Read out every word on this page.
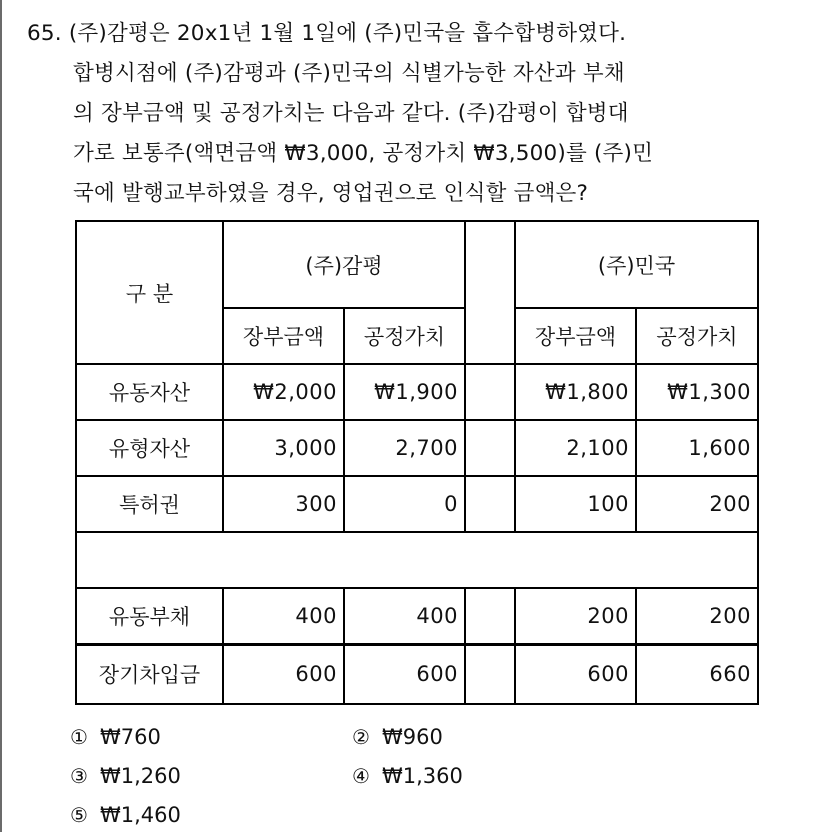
65. (주)감평은 20x1년 1월 1일에 (주)민국을 흡수합병하였다.
합병시점에 (주)감평과 (주)민국의 식별가능한 자산과 부채
의 장부금액 및 공정가치는 다음과 같다. (주)감평이 합병대
가로 보통주(액면금액 ₩3,000, 공정가치 ₩3,500)를 (주)민
국에 발행교부하였을 경우, 영업권으로 인식할 금액은?
구 분	(주)감평			(주)민국	
	장부금액	공정가치		장부금액	공정가치
유동자산	₩2,000	₩1,900		₩1,800	₩1,300
유형자산	3,000	2,700		2,100	1,600
특허권	300	0		100	200

유동부채	400	400		200	200
장기차입금	600	600		600	660
① ₩760	② ₩960
③ ₩1,260	④ ₩1,360
⑤ ₩1,460
